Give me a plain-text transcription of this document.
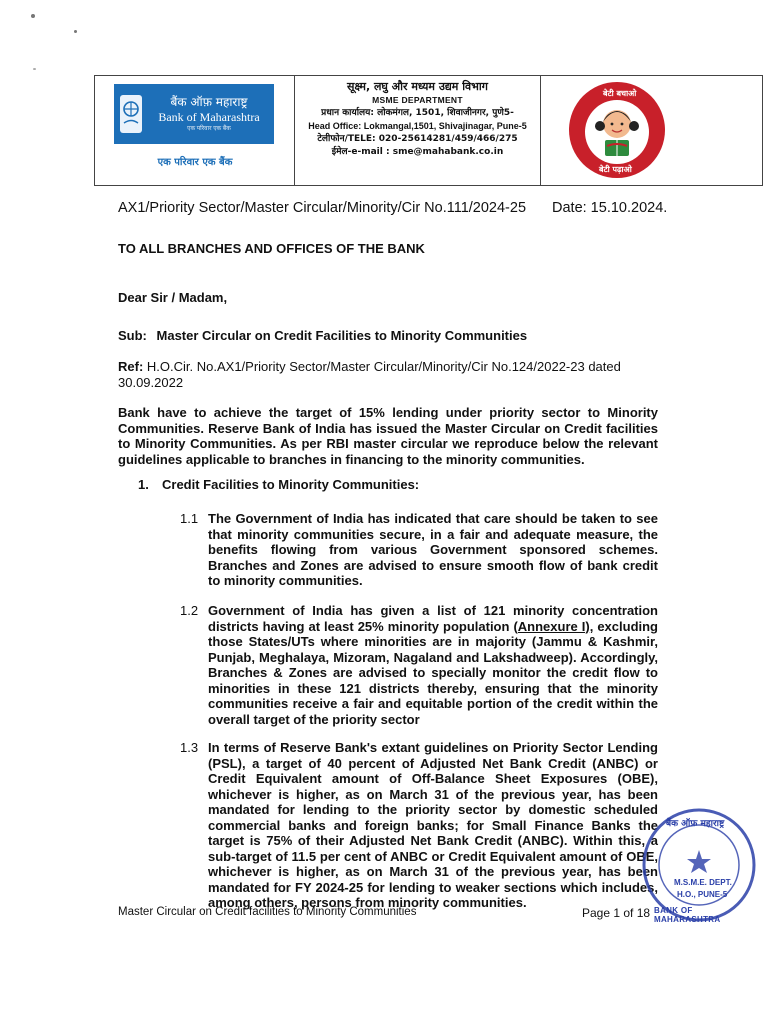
बैंक ऑफ़ महाराष्ट्र
Bank of Maharashtra
एक परिवार एक बैंक
एक परिवार एक बैंक
सूक्ष्म, लघु और मध्यम उद्यम विभाग
MSME DEPARTMENT
प्रधान कार्यालय: लोकमंगल, 1501, शिवाजीनगर, पुणे5-
Head Office: Lokmangal,1501, Shivajinagar, Pune-5
टेलीफोन/TELE: 020-25614281/459/466/275
ईमेल-e-mail : sme@mahabank.co.in
बेटी बचाओ
बेटी पढ़ाओ
AX1/Priority Sector/Master Circular/Minority/Cir No.111/2024-25 Date: 15.10.2024.
TO ALL BRANCHES AND OFFICES OF THE BANK
Dear Sir / Madam,
Sub: Master Circular on Credit Facilities to Minority Communities

Ref: H.O.Cir. No.AX1/Priority Sector/Master Circular/Minority/Cir No.124/2022-23 dated

30.09.2022

Bank have to achieve the target of 15% lending under priority sector to Minority Communities. Reserve Bank of India has issued the Master Circular on Credit facilities to Minority Communities. As per RBI master circular we reproduce below the relevant guidelines applicable to branches in financing to the minority communities.
1. Credit Facilities to Minority Communities:
1.1 The Government of India has indicated that care should be taken to see that minority communities secure, in a fair and adequate measure, the benefits flowing from various Government sponsored schemes. Branches and Zones are advised to ensure smooth flow of bank credit to minority communities.
1.2 Government of India has given a list of 121 minority concentration districts having at least 25% minority population (Annexure I), excluding those States/UTs where minorities are in majority (Jammu & Kashmir, Punjab, Meghalaya, Mizoram, Nagaland and Lakshadweep). Accordingly, Branches & Zones are advised to specially monitor the credit flow to minorities in these 121 districts thereby, ensuring that the minority communities receive a fair and equitable portion of the credit within the overall target of the priority sector
1.3 In terms of Reserve Bank's extant guidelines on Priority Sector Lending (PSL), a target of 40 percent of Adjusted Net Bank Credit (ANBC) or Credit Equivalent amount of Off-Balance Sheet Exposures (OBE), whichever is higher, as on March 31 of the previous year, has been mandated for lending to the priority sector by domestic scheduled commercial banks and foreign banks; for Small Finance Banks the target is 75% of their Adjusted Net Bank Credit (ANBC). Within this, a sub-target of 11.5 per cent of ANBC or Credit Equivalent amount of OBE, whichever is higher, as on March 31 of the previous year, has been mandated for FY 2024-25 for lending to weaker sections which includes, among others, persons from minority communities.
बैंक ऑफ़ महाराष्ट्र
M.S.M.E. DEPT.
H.O., PUNE-5
BANK OF MAHARASHTRA
Master Circular on Credit facilities to Minority Communities	Page 1 of 18
